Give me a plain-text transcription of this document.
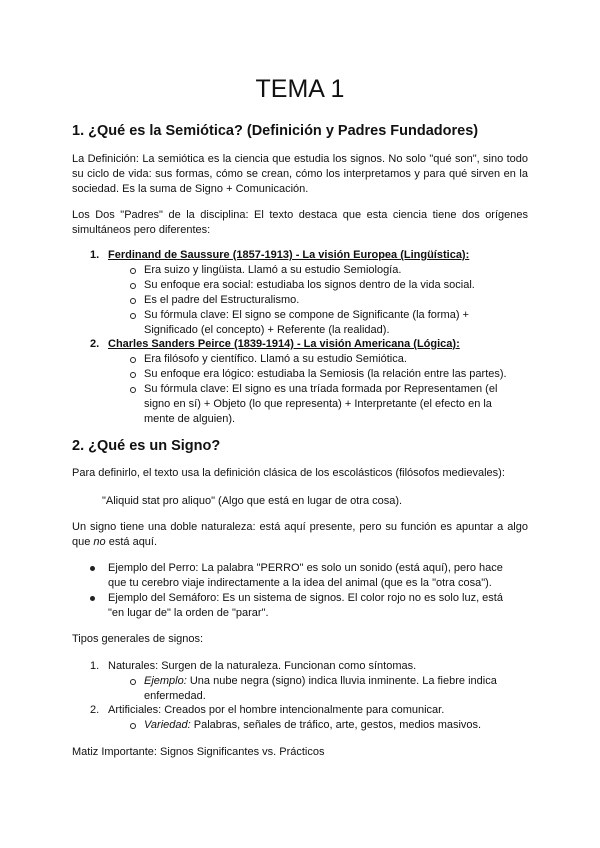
TEMA 1
1. ¿Qué es la Semiótica? (Definición y Padres Fundadores)
La Definición: La semiótica es la ciencia que estudia los signos. No solo "qué son", sino todo su ciclo de vida: sus formas, cómo se crean, cómo los interpretamos y para qué sirven en la sociedad. Es la suma de Signo + Comunicación.
Los Dos "Padres" de la disciplina: El texto destaca que esta ciencia tiene dos orígenes simultáneos pero diferentes:
1. Ferdinand de Saussure (1857-1913) - La visión Europea (Lingüística):
Era suizo y lingüista. Llamó a su estudio Semiología.
Su enfoque era social: estudiaba los signos dentro de la vida social.
Es el padre del Estructuralismo.
Su fórmula clave: El signo se compone de Significante (la forma) + Significado (el concepto) + Referente (la realidad).
2. Charles Sanders Peirce (1839-1914) - La visión Americana (Lógica):
Era filósofo y científico. Llamó a su estudio Semiótica.
Su enfoque era lógico: estudiaba la Semiosis (la relación entre las partes).
Su fórmula clave: El signo es una tríada formada por Representamen (el signo en sí) + Objeto (lo que representa) + Interpretante (el efecto en la mente de alguien).
2. ¿Qué es un Signo?
Para definirlo, el texto usa la definición clásica de los escolásticos (filósofos medievales):
"Aliquid stat pro aliquo" (Algo que está en lugar de otra cosa).
Un signo tiene una doble naturaleza: está aquí presente, pero su función es apuntar a algo que no está aquí.
Ejemplo del Perro: La palabra "PERRO" es solo un sonido (está aquí), pero hace que tu cerebro viaje indirectamente a la idea del animal (que es la "otra cosa").
Ejemplo del Semáforo: Es un sistema de signos. El color rojo no es solo luz, está "en lugar de" la orden de "parar".
Tipos generales de signos:
1. Naturales: Surgen de la naturaleza. Funcionan como síntomas.
Ejemplo: Una nube negra (signo) indica lluvia inminente. La fiebre indica enfermedad.
2. Artificiales: Creados por el hombre intencionalmente para comunicar.
Variedad: Palabras, señales de tráfico, arte, gestos, medios masivos.
Matiz Importante: Signos Significantes vs. Prácticos
